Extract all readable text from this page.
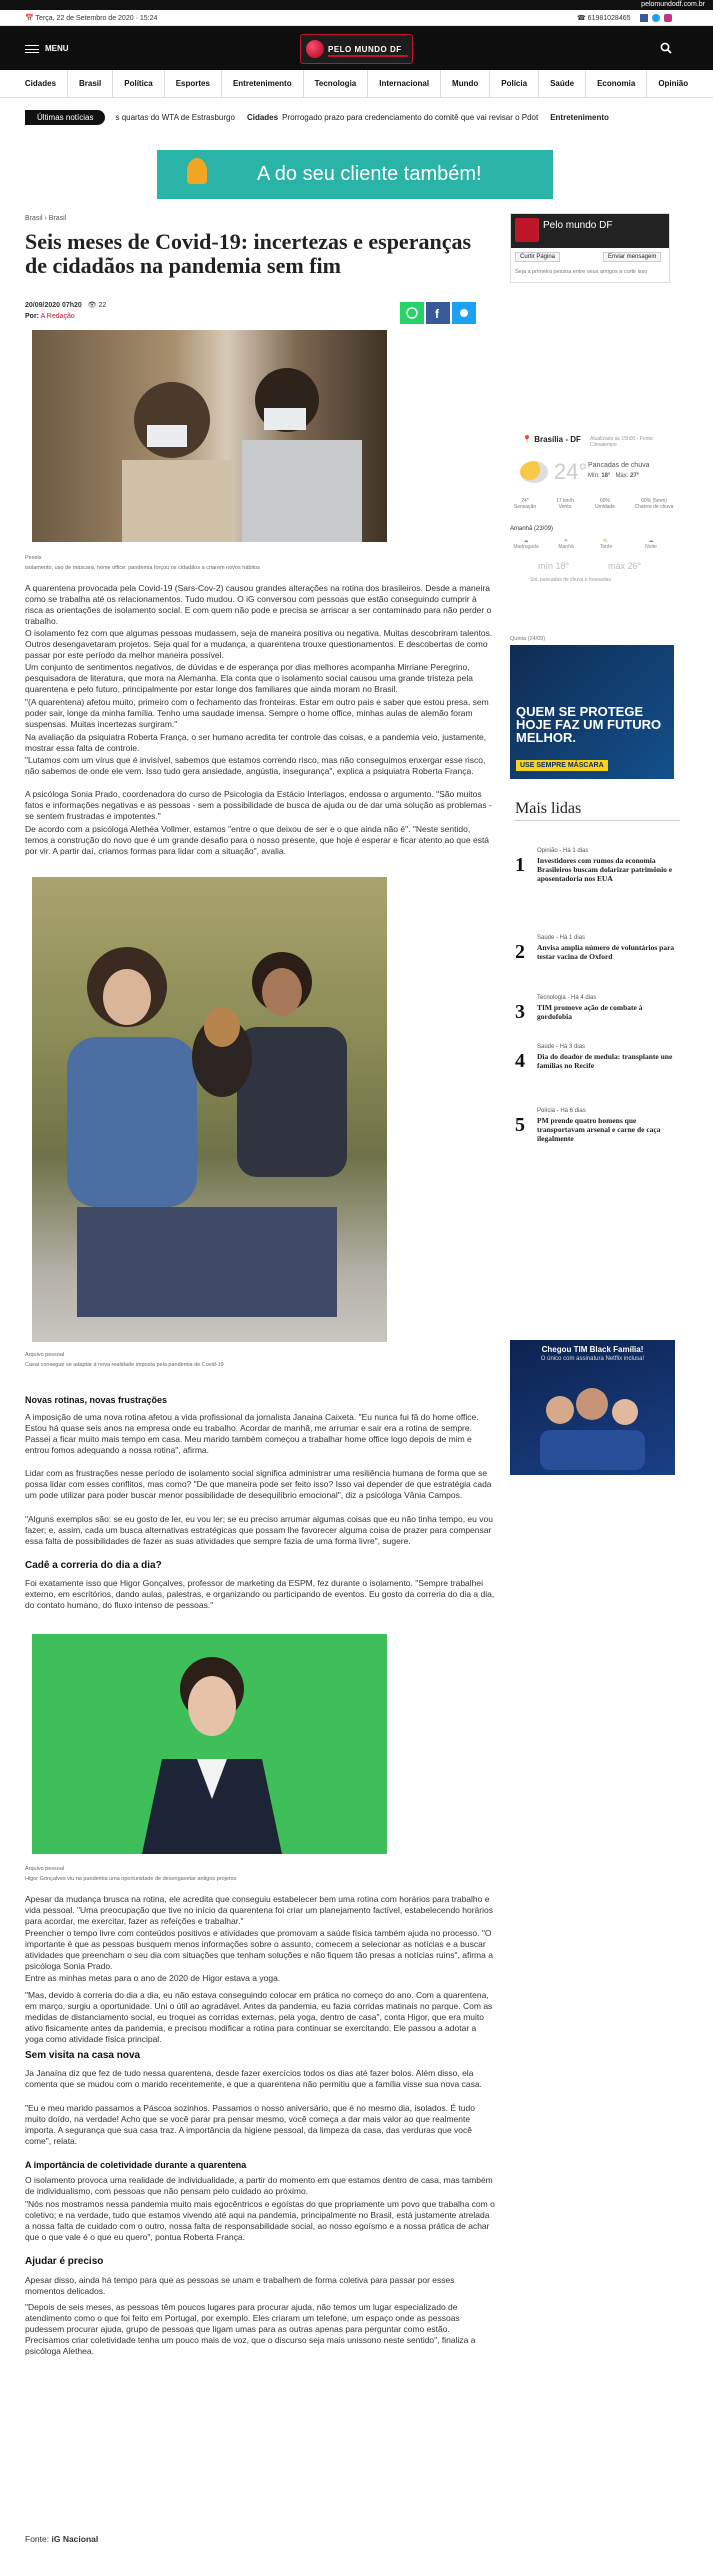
pelomundodf.com.br
📅 Terça, 22 de Setembro de 2020 · 15:24	☎ 61981028465
MENU	PELO MUNDO DF
Cidades	Brasil	Política	Esportes	Entretenimento	Tecnologia	Internacional	Mundo	Polícia	Saúde	Economia	Opinião
Últimas notícias	s quartas do WTA de Estrasburgo Cidades Prorrogado prazo para credenciamento do comitê que vai revisar o Pdot Entretenimento
A do seu cliente também!
Brasil › Brasil
Seis meses de Covid-19: incertezas e esperanças de cidadãos na pandemia sem fim
20/09/2020 07h20   👁 22
Por: A Redação	f
Pexels
isolamento, uso de máscara, home office: pandemia forçou os cidadãos a criarem novos hábitos

A quarentena provocada pela Covid-19 (Sars-Cov-2) causou grandes alterações na rotina dos brasileiros. Desde a maneira como se trabalha até os relacionamentos. Tudo mudou. O iG conversou com pessoas que estão conseguindo cumprir à risca as orientações de isolamento social. E com quem não pode e precisa se arriscar a ser contaminado para não perder o trabalho.

O isolamento fez com que algumas pessoas mudassem, seja de maneira positiva ou negativa. Muitas descobriram talentos. Outros desengavetaram projetos. Seja qual for a mudança, a quarentena trouxe questionamentos. E descobertas de como passar por este período da melhor maneira possível.

Um conjunto de sentimentos negativos, de dúvidas e de esperança por dias melhores acompanha Mirriane Peregrino, pesquisadora de literatura, que mora na Alemanha. Ela conta que o isolamento social causou uma grande tristeza pela quarentena e pelo futuro, principalmente por estar longe dos familiares que ainda moram no Brasil.

"(A quarentena) afetou muito, primeiro com o fechamento das fronteiras. Estar em outro país e saber que estou presa, sem poder sair, longe da minha família. Tenho uma saudade imensa. Sempre o home office, minhas aulas de alemão foram suspensas. Muitas incertezas surgiram."

Na avaliação da psiquiatra Roberta França, o ser humano acredita ter controle das coisas, e a pandemia veio, justamente, mostrar essa falta de controle.

"Lutamos com um vírus que é invisível, sabemos que estamos correndo risco, mas não conseguimos enxergar esse risco, não sabemos de onde ele vem. Isso tudo gera ansiedade, angústia, insegurança", explica a psiquiatra Roberta França.

A psicóloga Sonia Prado, coordenadora do curso de Psicologia da Estácio Interlagos, endossa o argumento. "São muitos fatos e informações negativas e as pessoas - sem a possibilidade de busca de ajuda ou de dar uma solução as problemas - se sentem frustradas e impotentes."

De acordo com a psicóloga Alethéa Vollmer, estamos "entre o que deixou de ser e o que ainda não é". "Neste sentido, temos a construção do novo que é um grande desafio para o nosso presente, que hoje é esperar e ficar atento ao que está por vir. A partir daí, criamos formas para lidar com a situação", avalia.

Arquivo pessoal
Casal consegue se adaptar à nova realidade imposta pela pandemia de Covid-19
Novas rotinas, novas frustrações

A imposição de uma nova rotina afetou a vida profissional da jornalista Janaina Caixeta. "Eu nunca fui fã do home office. Estou há quase seis anos na empresa onde eu trabalho. Acordar de manhã, me arrumar e sair era a rotina de sempre. Passei a ficar muito mais tempo em casa. Meu marido também começou a trabalhar home office logo depois de mim e entrou fomos adequando a nossa rotina", afirma.

Lidar com as frustrações nesse período de isolamento social significa administrar uma resiliência humana de forma que se possa lidar com esses conflitos, mas como? "De que maneira pode ser feito isso? Isso vai depender de que estratégia cada um pode utilizar para poder buscar menor possibilidade de desequilíbrio emocional", diz a psicóloga Vânia Campos.

"Alguns exemplos são: se eu gosto de ler, eu vou ler; se eu preciso arrumar algumas coisas que eu não tinha tempo, eu vou fazer; e, assim, cada um busca alternativas estratégicas que possam lhe favorecer alguma coisa de prazer para compensar essa falta de possibilidades de fazer as suas atividades que sempre fazia de uma forma livre", sugere.

Cadê a correria do dia a dia?

Foi exatamente isso que Higor Gonçalves, professor de marketing da ESPM, fez durante o isolamento. "Sempre trabalhei externo, em escritórios, dando aulas, palestras, e organizando ou participando de eventos. Eu gosto da correria do dia a dia, do contato humano, do fluxo intenso de pessoas."

Arquivo pessoal
Higor Gonçalves viu na pandemia uma oportunidade de desengavetar antigos projetos

Apesar da mudança brusca na rotina, ele acredita que conseguiu estabelecer bem uma rotina com horários para trabalho e vida pessoal. "Uma preocupação que tive no início da quarentena foi criar um planejamento factível, estabelecendo horários para acordar, me exercitar, fazer as refeições e trabalhar."

Preencher o tempo livre com conteúdos positivos e atividades que promovam a saúde física também ajuda no processo. "O importante é que as pessoas busquem menos informações sobre o assunto, comecem a selecionar as notícias e a buscar atividades que preencham o seu dia com situações que tenham soluções e não fiquem tão presas a notícias ruins", afirma a psicóloga Sonia Prado.

Entre as minhas metas para o ano de 2020 de Higor estava a yoga.

"Mas, devido à correria do dia a dia, eu não estava conseguindo colocar em prática no começo do ano. Com a quarentena, em março, surgiu a oportunidade. Uni o útil ao agradável. Antes da pandemia, eu fazia corridas matinais no parque. Com as medidas de distanciamento social, eu troquei as corridas externas, pela yoga, dentro de casa", conta Higor, que era muito ativo fisicamente antes da pandemia, e precisou modificar a rotina para continuar se exercitando. Ele passou a adotar a yoga como atividade física principal.

Sem visita na casa nova

Ja Janaína diz que fez de tudo nessa quarentena, desde fazer exercícios todos os dias até fazer bolos. Além disso, ela comenta que se mudou com o marido recentemente, e que a quarentena não permitiu que a família visse sua nova casa.

"Eu e meu marido passamos a Páscoa sozinhos. Passamos o nosso aniversário, que é no mesmo dia, isolados. É tudo muito doído, na verdade! Acho que se você parar pra pensar mesmo, você começa a dar mais valor ao que realmente importa. A segurança que sua casa traz. A importância da higiene pessoal, da limpeza da casa, das verduras que você come", relata.

A importância de coletividade durante a quarentena

O isolamento provoca uma realidade de individualidade, a partir do momento em que estamos dentro de casa, mas também de individualismo, com pessoas que não pensam pelo cuidado ao próximo.

"Nós nos mostramos nessa pandemia muito mais egocêntricos e egoístas do que propriamente um povo que trabalha com o coletivo; e na verdade, tudo que estamos vivendo até aqui na pandemia, principalmente no Brasil, está justamente atrelada a nossa falta de cuidado com o outro, nossa falta de responsabilidade social, ao nosso egoísmo e a nossa prática de achar que o que vale é o que eu quero", pontua Roberta França.

Ajudar é preciso

Apesar disso, ainda há tempo para que as pessoas se unam e trabalhem de forma coletiva para passar por esses momentos delicados.

"Depois de seis meses, as pessoas têm poucos lugares para procurar ajuda, não temos um lugar especializado de atendimento como o que foi feito em Portugal, por exemplo. Eles criaram um telefone, um espaço onde as pessoas pudessem procurar ajuda, grupo de pessoas que ligam umas para as outras apenas para perguntar como estão. Precisamos criar coletividade tenha um pouco mais de voz, que o discurso seja mais unissono neste sentido", finaliza a psicóloga Alethea.

Fonte: iG Nacional
Pelo mundo DF
Curtir Página	Enviar mensagem
Seja a primeira pessoa entre seus amigos a curtir isso
📍 Brasília - DF Atualizado às 15h00 - Fonte: Climatempo
24° Pancadas de chuva
Mín: 18° Máx: 27°
24°
Sensação
17 km/h
Vento
60%
Umidade
60% (5mm)
Chance de chuva
Amanhã (23/09)
☁
Madrugada
☀
Manhã
⛅
Tarde
☁
Noite
mín 18°	máx 26°
Sol, pancadas de chuva e trovoadas
Quinta (24/09)
QUEM SE PROTEGE HOJE FAZ UM FUTURO MELHOR.
USE SEMPRE MÁSCARA
Mais lidas
1
Opinião - Há 1 dias
Investidores com rumos da economia Brasileiros buscam dolarizar patrimônio e aposentadoria nos EUA
2
Saúde - Há 1 dias
Anvisa amplia número de voluntários para testar vacina de Oxford
3
Tecnologia - Há 4 dias
TIM promove ação de combate à gordofobia
4
Saúde - Há 3 dias
Dia do doador de medula: transplante une famílias no Recife
5
Polícia - Há 6 dias
PM prende quatro homens que transportavam arsenal e carne de caça ilegalmente
Chegou TIM Black Família!
O único com assinatura Netflix inclusa!
